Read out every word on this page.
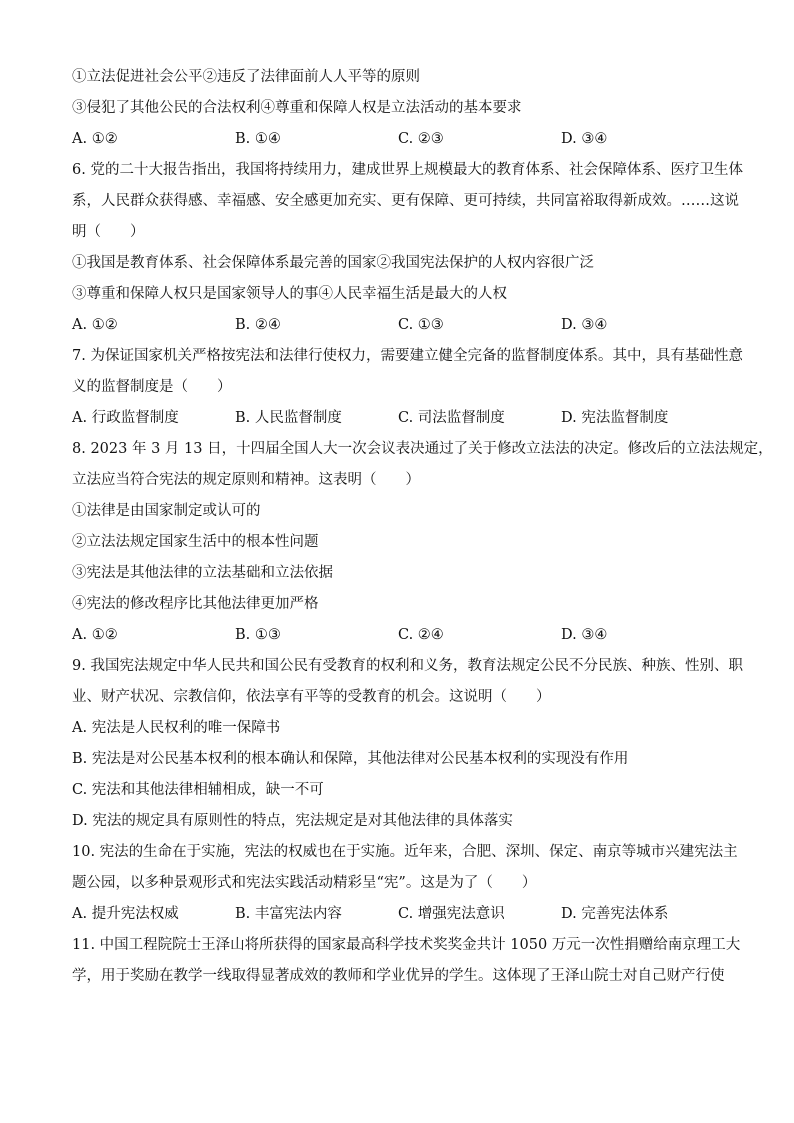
①立法促进社会公平②违反了法律面前人人平等的原则
③侵犯了其他公民的合法权利④尊重和保障人权是立法活动的基本要求
A. ①②	B. ①④	C. ②③	D. ③④
6. 党的二十大报告指出，我国将持续用力，建成世界上规模最大的教育体系、社会保障体系、医疗卫生体
系，人民群众获得感、幸福感、安全感更加充实、更有保障、更可持续，共同富裕取得新成效。……这说
明（　　）
①我国是教育体系、社会保障体系最完善的国家②我国宪法保护的人权内容很广泛
③尊重和保障人权只是国家领导人的事④人民幸福生活是最大的人权
A. ①②	B. ②④	C. ①③	D. ③④
7. 为保证国家机关严格按宪法和法律行使权力，需要建立健全完备的监督制度体系。其中，具有基础性意
义的监督制度是（　　）
A. 行政监督制度	B. 人民监督制度	C. 司法监督制度	D. 宪法监督制度
8. 2023 年 3 月 13 日，十四届全国人大一次会议表决通过了关于修改立法法的决定。修改后的立法法规定，
立法应当符合宪法的规定原则和精神。这表明（　　）
①法律是由国家制定或认可的
②立法法规定国家生活中的根本性问题
③宪法是其他法律的立法基础和立法依据
④宪法的修改程序比其他法律更加严格
A. ①②	B. ①③	C. ②④	D. ③④
9. 我国宪法规定中华人民共和国公民有受教育的权利和义务，教育法规定公民不分民族、种族、性别、职
业、财产状况、宗教信仰，依法享有平等的受教育的机会。这说明（　　）
A. 宪法是人民权利的唯一保障书
B. 宪法是对公民基本权利的根本确认和保障，其他法律对公民基本权利的实现没有作用
C. 宪法和其他法律相辅相成，缺一不可
D. 宪法的规定具有原则性的特点，宪法规定是对其他法律的具体落实
10. 宪法的生命在于实施，宪法的权威也在于实施。近年来，合肥、深圳、保定、南京等城市兴建宪法主
题公园，以多种景观形式和宪法实践活动精彩呈“宪”。这是为了（　　）
A. 提升宪法权威	B. 丰富宪法内容	C. 增强宪法意识	D. 完善宪法体系
11. 中国工程院院士王泽山将所获得的国家最高科学技术奖奖金共计 1050 万元一次性捐赠给南京理工大
学，用于奖励在教学一线取得显著成效的教师和学业优异的学生。这体现了王泽山院士对自己财产行使
